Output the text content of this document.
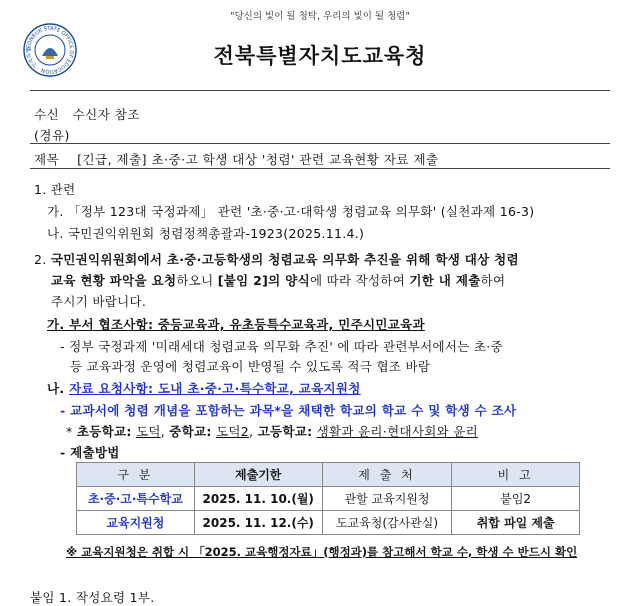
"당신의 빛이 될 청탁, 우리의 빛이 될 청렴"
JEONBUK STATE OFFICE OF EDUCATION · 전북특별	전북특별자치도교육청
수신 수신자 참조
(경유)
제목 [긴급, 제출] 초·중·고 학생 대상 '청렴' 관련 교육현황 자료 제출
1. 관련
가. 「정부 123대 국정과제」 관련 '초·중·고·대학생 청렴교육 의무화' (실천과제 16-3)
나. 국민권익위원회 청렴정책총괄과-1923(2025.11.4.)
2. 국민권익위원회에서 초·중·고등학생의 청렴교육 의무화 추진을 위해 학생 대상 청렴
교육 현황 파악을 요청하오니 [붙임 2]의 양식에 따라 작성하여 기한 내 제출하여
주시기 바랍니다.
가. 부서 협조사항: 중등교육과, 유초등특수교육과, 민주시민교육과
- 정부 국정과제 '미래세대 청렴교육 의무화 추진' 에 따라 관련부서에서는 초·중
등 교육과정 운영에 청렴교육이 반영될 수 있도록 적극 협조 바람
나. 자료 요청사항: 도내 초·중·고·특수학교, 교육지원청
- 교과서에 청렴 개념을 포함하는 과목*을 채택한 학교의 학교 수 및 학생 수 조사
* 초등학교: 도덕, 중학교: 도덕2, 고등학교: 생활과 윤리·현대사회와 윤리
- 제출방법
구 분	제출기한	제 출 처	비 고
초·중·고·특수학교	2025. 11. 10.(월)	관할 교육지원청	붙임2
교육지원청	2025. 11. 12.(수)	도교육청(감사관실)	취합 파일 제출
※ 교육지원청은 취합 시 「2025. 교육행정자료」(행정과)를 참고해서 학교 수, 학생 수 반드시 확인
붙임 1. 작성요령 1부.
